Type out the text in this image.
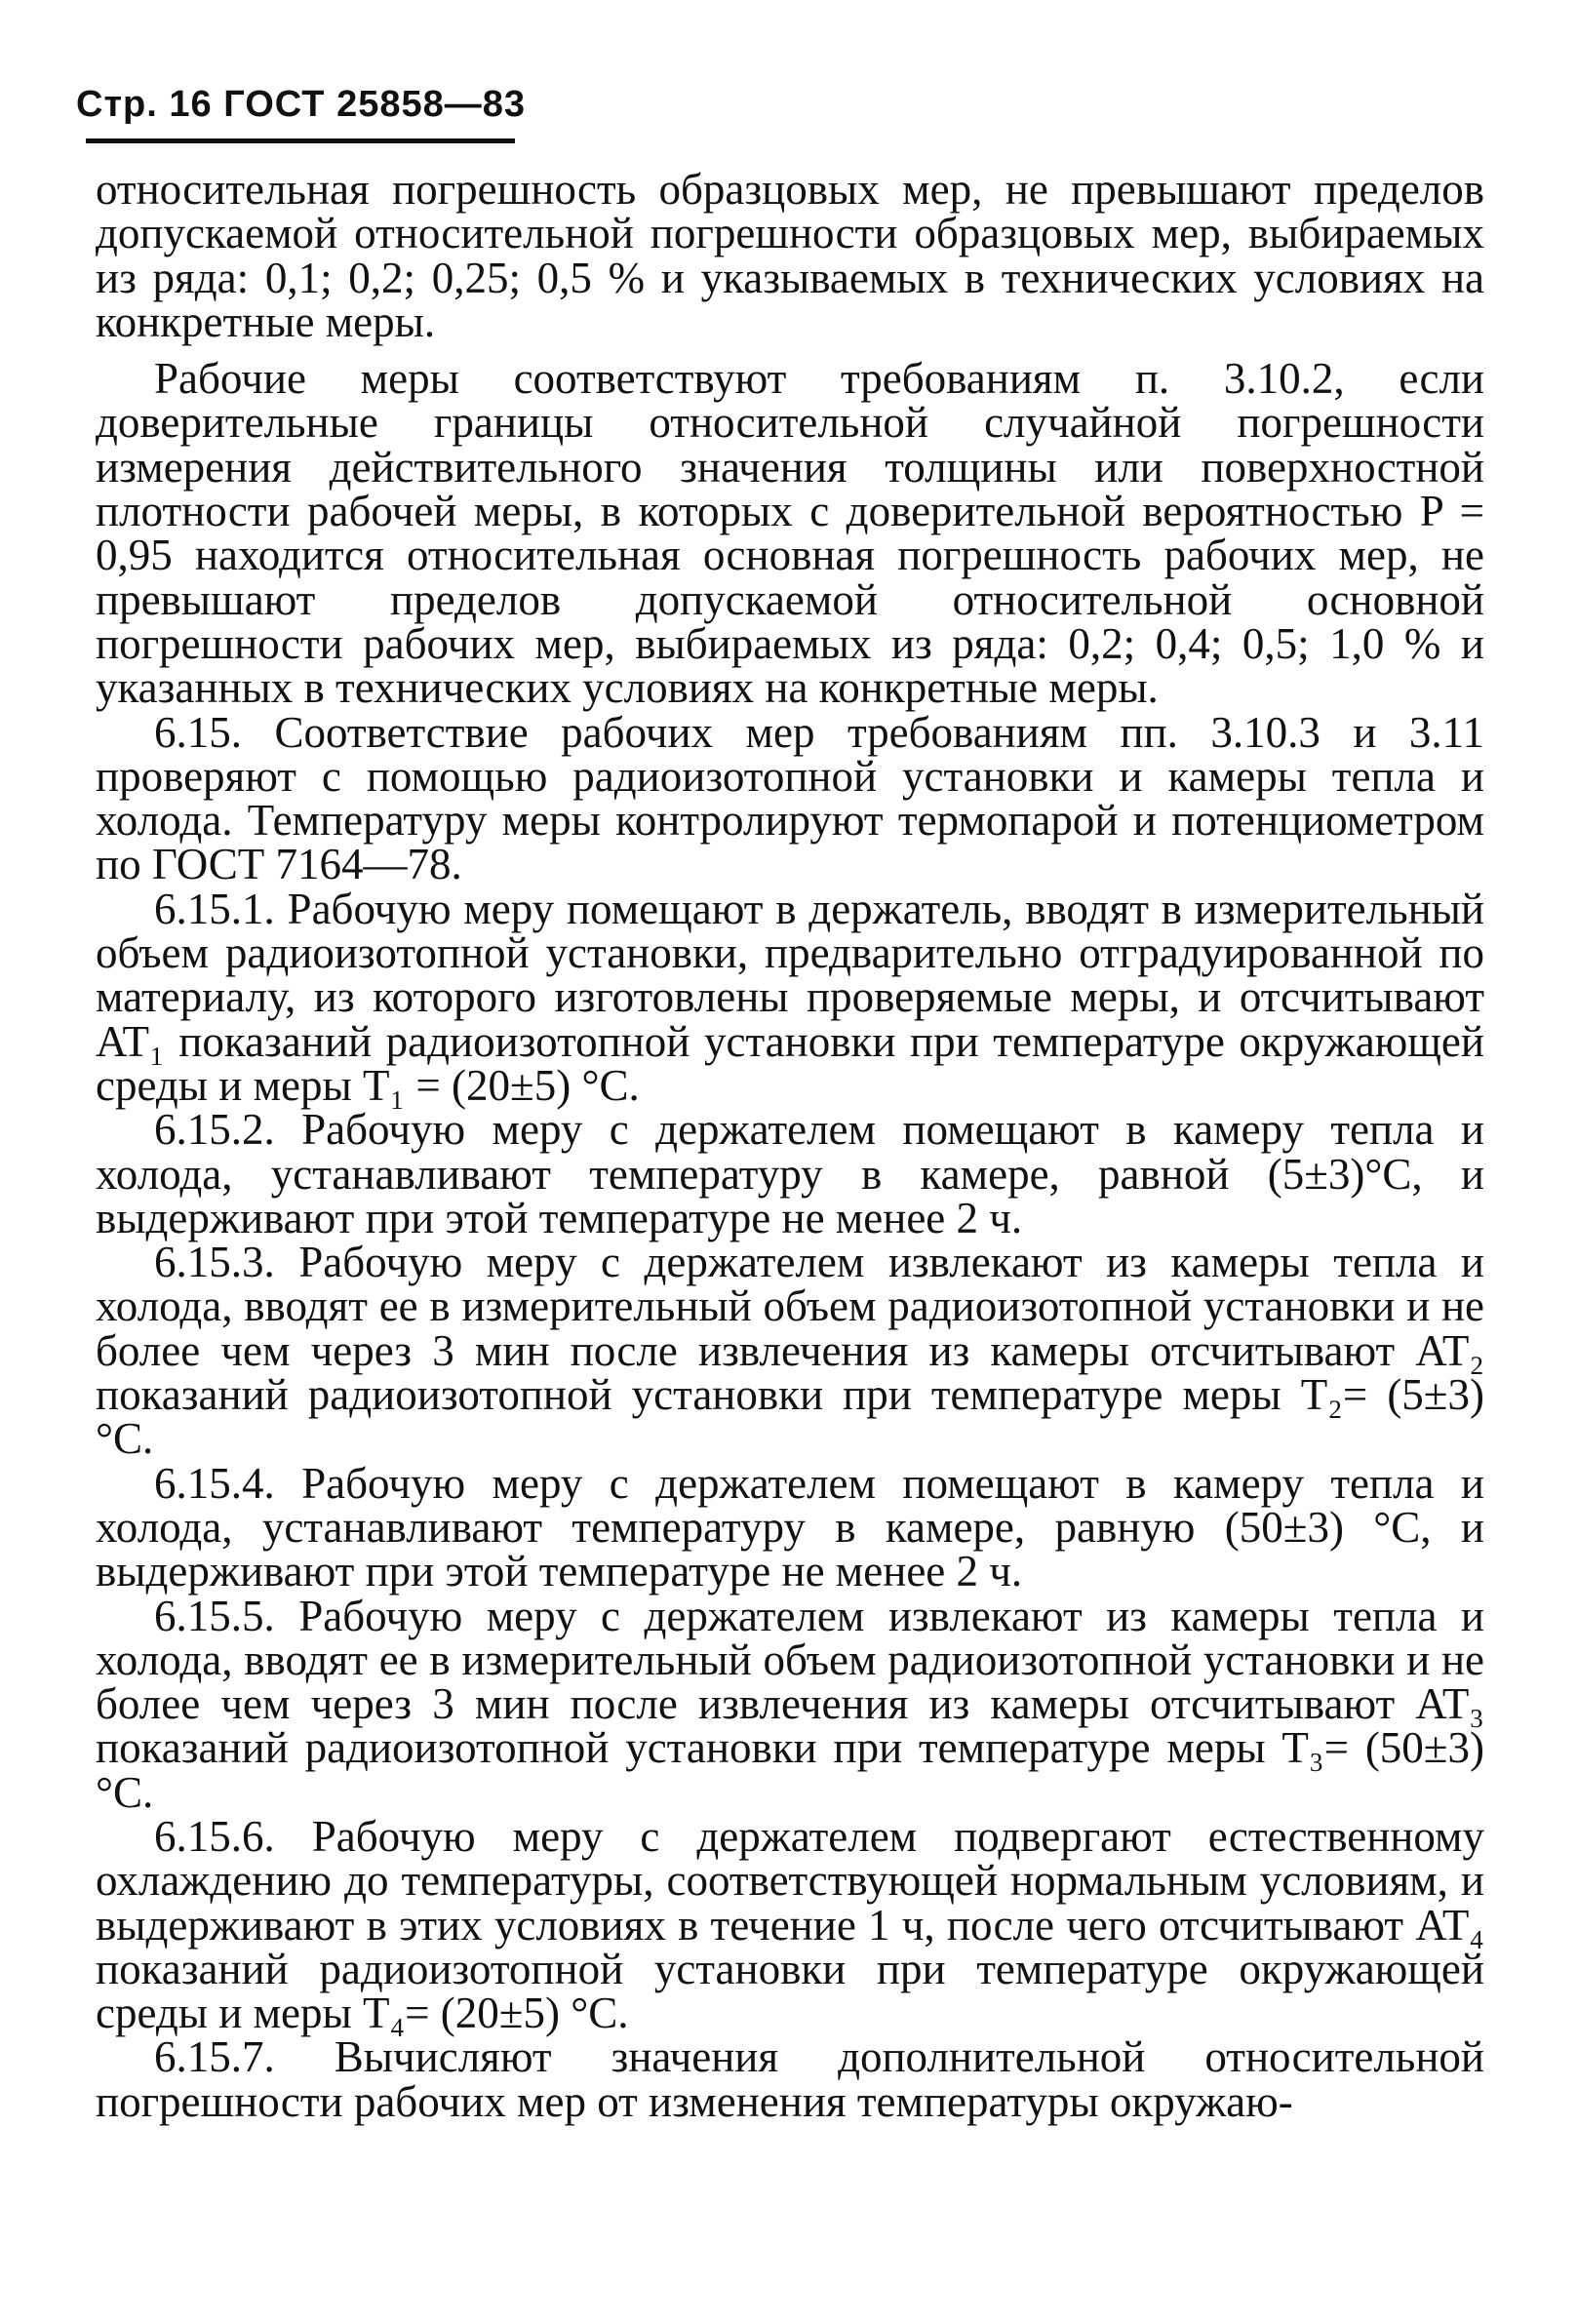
Стр. 16 ГОСТ 25858—83

относительная погрешность образцовых мер, не превышают пределов допускаемой относительной погрешности образцовых мер, выбираемых из ряда: 0,1; 0,2; 0,25; 0,5 % и указываемых в технических условиях на конкретные меры.

Рабочие меры соответствуют требованиям п. 3.10.2, если доверительные границы относительной случайной погрешности измерения действительного значения толщины или поверхностной плотности рабочей меры, в которых с доверительной вероятностью P = 0,95 находится относительная основная погрешность рабочих мер, не превышают пределов допускаемой относительной основной погрешности рабочих мер, выбираемых из ряда: 0,2; 0,4; 0,5; 1,0 % и указанных в технических условиях на конкретные меры.

6.15. Соответствие рабочих мер требованиям пп. 3.10.3 и 3.11 проверяют с помощью радиоизотопной установки и камеры тепла и холода. Температуру меры контролируют термопарой и потенциометром по ГОСТ 7164—78.

6.15.1. Рабочую меру помещают в держатель, вводят в измерительный объем радиоизотопной установки, предварительно отградуированной по материалу, из которого изготовлены проверяемые меры, и отсчитывают AT₁ показаний радиоизотопной установки при температуре окружающей среды и меры T₁ = (20±5) °С.

6.15.2. Рабочую меру с держателем помещают в камеру тепла и холода, устанавливают температуру в камере, равной (5±3)°С, и выдерживают при этой температуре не менее 2 ч.

6.15.3. Рабочую меру с держателем извлекают из камеры тепла и холода, вводят ее в измерительный объем радиоизотопной установки и не более чем через 3 мин после извлечения из камеры отсчитывают AT₂ показаний радиоизотопной установки при температуре меры T₂= (5±3) °С.

6.15.4. Рабочую меру с держателем помещают в камеру тепла и холода, устанавливают температуру в камере, равную (50±3) °С, и выдерживают при этой температуре не менее 2 ч.

6.15.5. Рабочую меру с держателем извлекают из камеры тепла и холода, вводят ее в измерительный объем радиоизотопной установки и не более чем через 3 мин после извлечения из камеры отсчитывают AT₃ показаний радиоизотопной установки при температуре меры T₃= (50±3) °С.

6.15.6. Рабочую меру с держателем подвергают естественному охлаждению до температуры, соответствующей нормальным условиям, и выдерживают в этих условиях в течение 1 ч, после чего отсчитывают AT₄ показаний радиоизотопной установки при температуре окружающей среды и меры T₄= (20±5) °С.

6.15.7. Вычисляют значения дополнительной относительной погрешности рабочих мер от изменения температуры окружаю-
